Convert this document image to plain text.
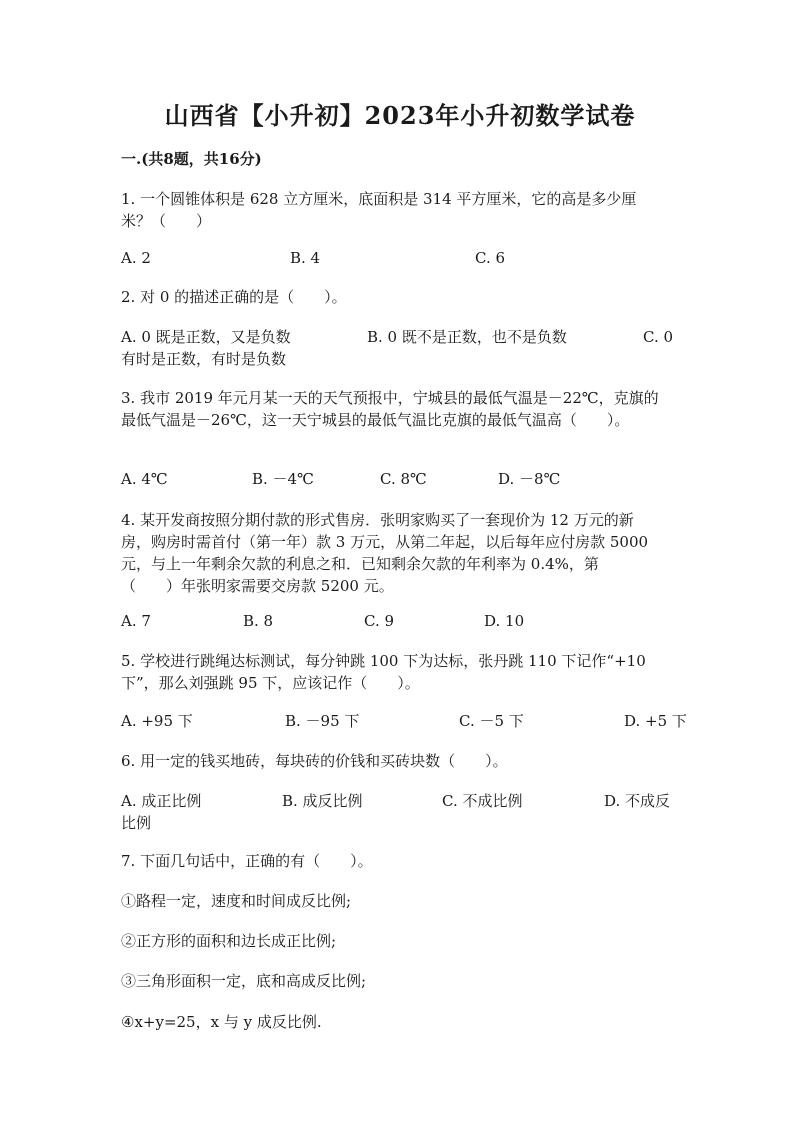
山西省【小升初】2023年小升初数学试卷
一.(共8题，共16分)
1. 一个圆锥体积是 628 立方厘米，底面积是 314 平方厘米，它的高是多少厘
米？（　　）
A. 2	B. 4	C. 6
2. 对 0 的描述正确的是（　　）。
A. 0 既是正数，又是负数	B. 0 既不是正数，也不是负数	C. 0
有时是正数，有时是负数
3. 我市 2019 年元月某一天的天气预报中，宁城县的最低气温是－22℃，克旗的
最低气温是－26℃，这一天宁城县的最低气温比克旗的最低气温高（　　）。
A. 4℃	B. －4℃	C. 8℃	D. －8℃
4. 某开发商按照分期付款的形式售房．张明家购买了一套现价为 12 万元的新
房，购房时需首付（第一年）款 3 万元，从第二年起，以后每年应付房款 5000
元，与上一年剩余欠款的利息之和．已知剩余欠款的年利率为 0.4%，第
（　　）年张明家需要交房款 5200 元。
A. 7	B. 8	C. 9	D. 10
5. 学校进行跳绳达标测试，每分钟跳 100 下为达标，张丹跳 110 下记作“+10
下”，那么刘强跳 95 下，应该记作（　　）。
A. +95 下	B. －95 下	C. －5 下	D. +5 下
6. 用一定的钱买地砖，每块砖的价钱和买砖块数（　　）。
A. 成正比例	B. 成反比例	C. 不成比例	D. 不成反
比例
7. 下面几句话中，正确的有（　　）。
①路程一定，速度和时间成反比例;
②正方形的面积和边长成正比例;
③三角形面积一定，底和高成反比例;
④x+y=25，x 与 y 成反比例.
